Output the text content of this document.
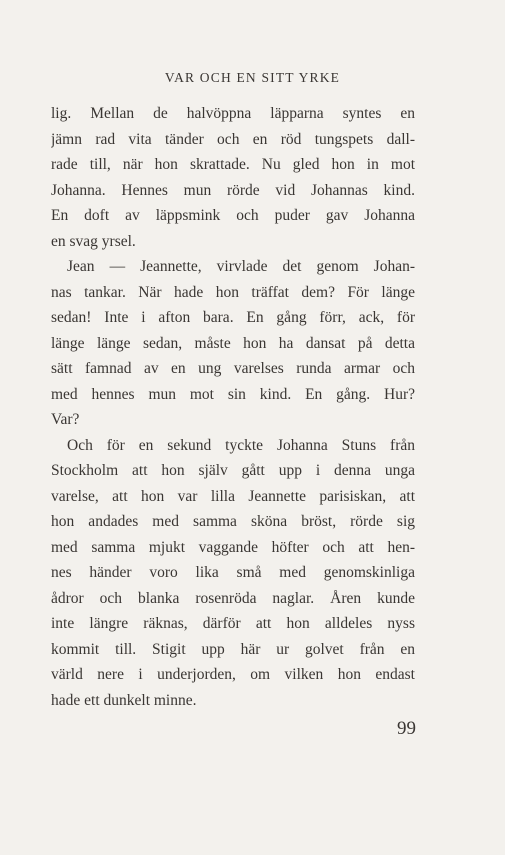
VAR OCH EN SITT YRKE
lig. Mellan de halvöppna läpparna syntes en
jämn rad vita tänder och en röd tungspets dall-
rade till, när hon skrattade. Nu gled hon in mot
Johanna. Hennes mun rörde vid Johannas kind.
En doft av läppsmink och puder gav Johanna
en svag yrsel.
Jean — Jeannette, virvlade det genom Johan-
nas tankar. När hade hon träffat dem? För länge
sedan! Inte i afton bara. En gång förr, ack, för
länge länge sedan, måste hon ha dansat på detta
sätt famnad av en ung varelses runda armar och
med hennes mun mot sin kind. En gång. Hur?
Var?
Och för en sekund tyckte Johanna Stuns från
Stockholm att hon själv gått upp i denna unga
varelse, att hon var lilla Jeannette parisiskan, att
hon andades med samma sköna bröst, rörde sig
med samma mjukt vaggande höfter och att hen-
nes händer voro lika små med genomskinliga
ådror och blanka rosenröda naglar. Åren kunde
inte längre räknas, därför att hon alldeles nyss
kommit till. Stigit upp här ur golvet från en
värld nere i underjorden, om vilken hon endast
hade ett dunkelt minne.
99
